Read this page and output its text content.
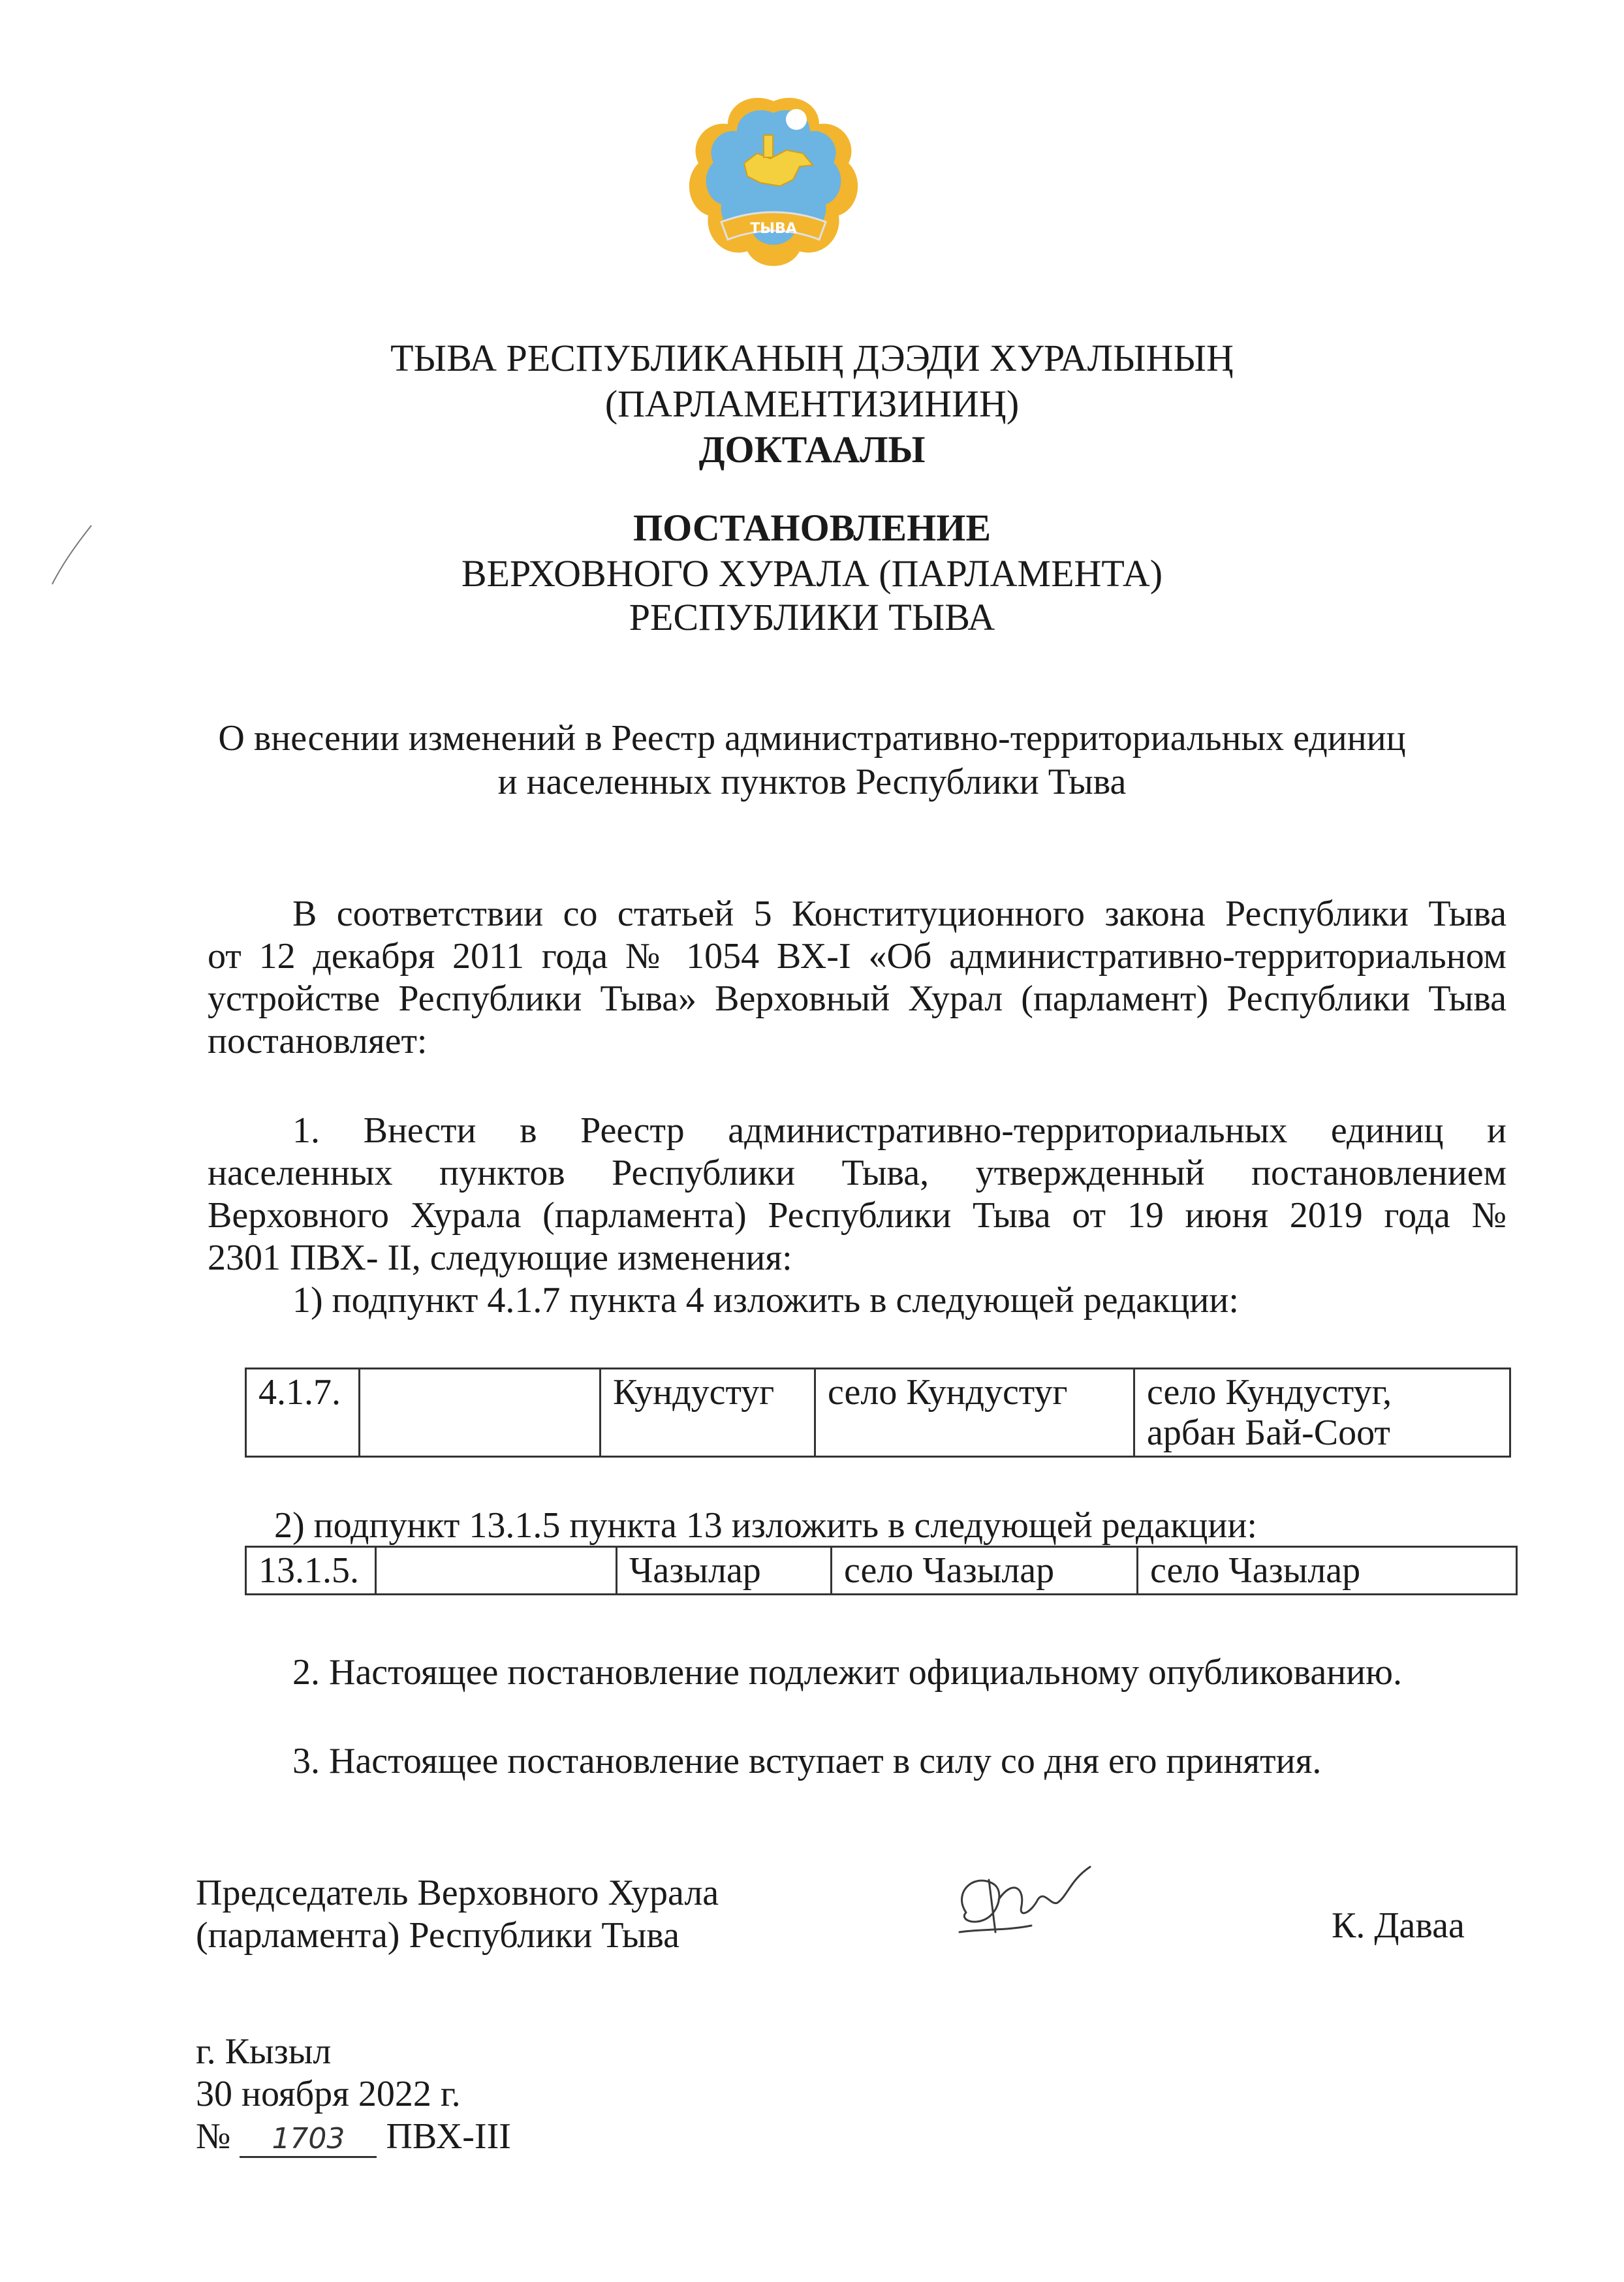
ТЫВА
ТЫВА РЕСПУБЛИКАНЫҢ ДЭЭДИ ХУРАЛЫНЫҢ
(ПАРЛАМЕНТИЗИНИҢ)
ДОКТААЛЫ
ПОСТАНОВЛЕНИЕ
ВЕРХОВНОГО ХУРАЛА (ПАРЛАМЕНТА)
РЕСПУБЛИКИ ТЫВА
О внесении изменений в Реестр административно-территориальных единиц
и населенных пунктов Республики Тыва
В соответствии со статьей 5 Конституционного закона Республики Тыва
от 12 декабря 2011 года № 1054 ВХ-I «Об административно-территориальном
устройстве Республики Тыва» Верховный Хурал (парламент) Республики Тыва
постановляет:
1. Внести в Реестр административно-территориальных единиц и
населенных пунктов Республики Тыва, утвержденный постановлением
Верховного Хурала (парламента) Республики Тыва от 19 июня 2019 года №
2301 ПВХ- II, следующие изменения:
1) подпункт 4.1.7 пункта 4 изложить в следующей редакции:
4.1.7.		Кундустуг	село Кундустуг	село Кундустуг,
арбан Бай-Соот
2) подпункт 13.1.5 пункта 13 изложить в следующей редакции:
13.1.5.		Чазылар	село Чазылар	село Чазылар
2. Настоящее постановление подлежит официальному опубликованию.
3. Настоящее постановление вступает в силу со дня его принятия.
Председатель Верховного Хурала
(парламента) Республики Тыва	К. Даваа
г. Кызыл
30 ноября 2022 г.
№ 1703 ПВХ-III
